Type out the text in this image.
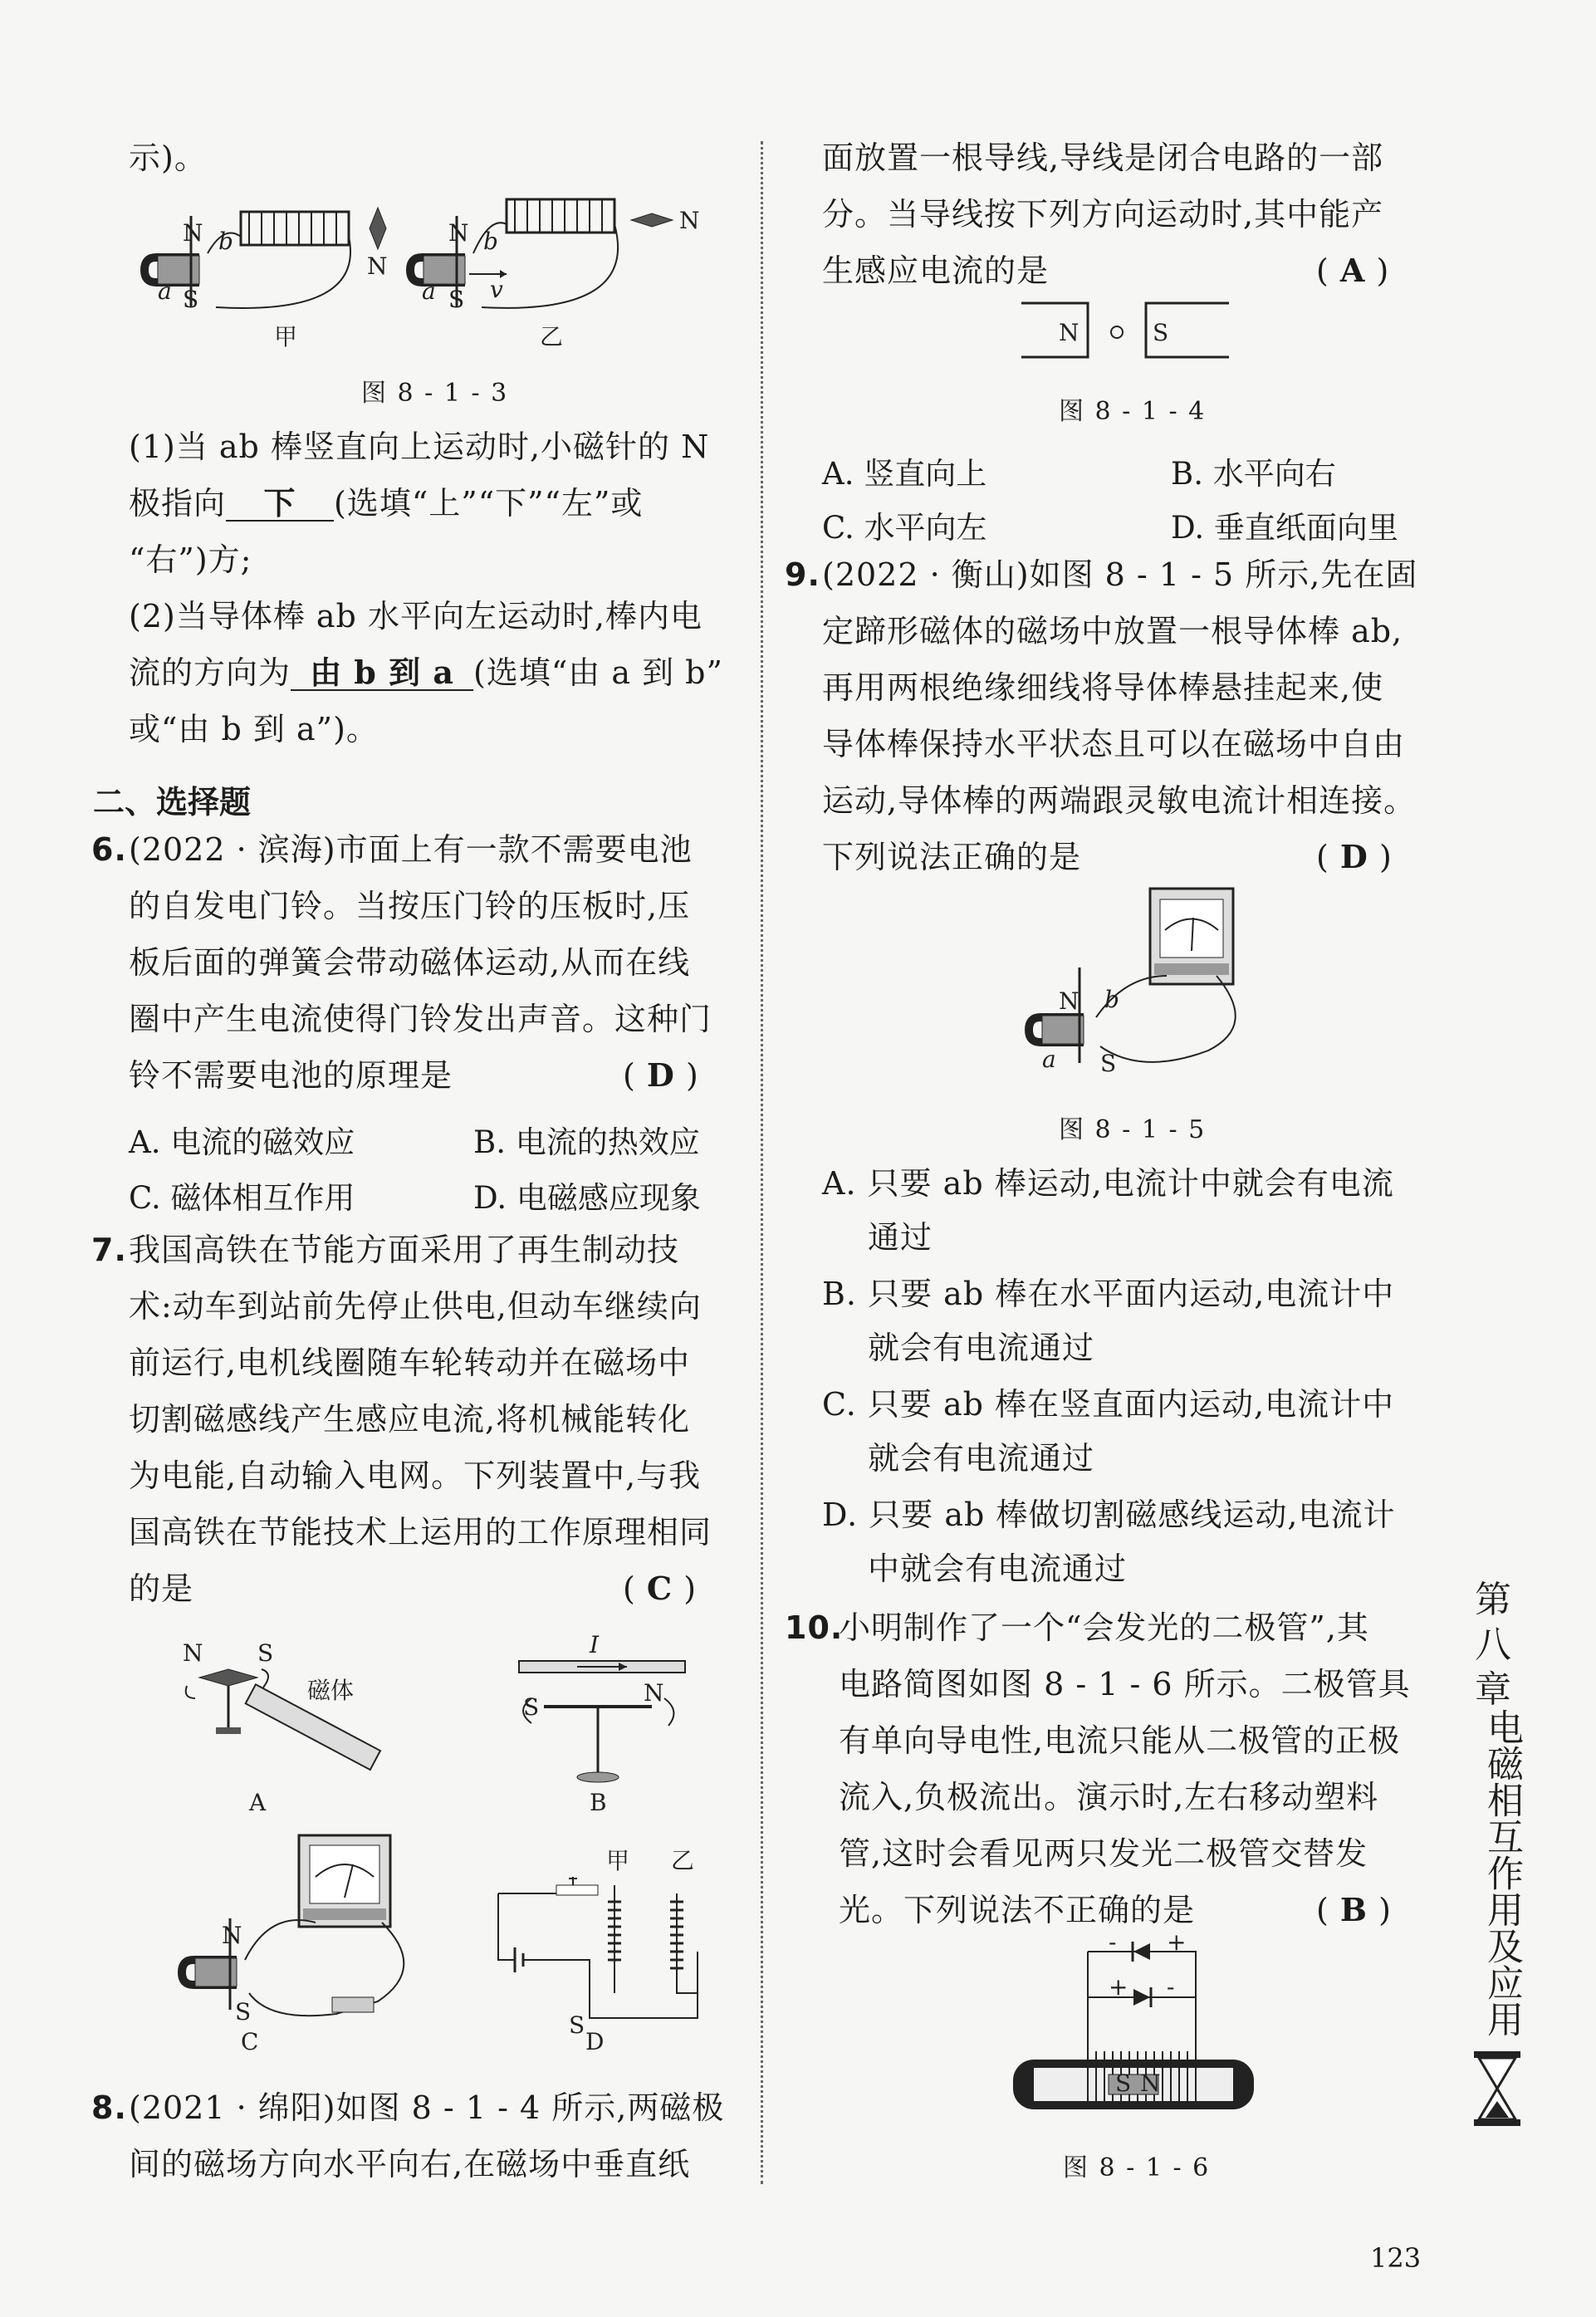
示)。
N b
a S
N
甲
N b
v
a S
N
乙
图 8 - 1 - 3
(1)当 ab 棒竖直向上运动时,小磁针的 N
极指向 下 (选填“上”“下”“左”或
“右”)方;
(2)当导体棒 ab 水平向左运动时,棒内电
流的方向为 由 b 到 a (选填“由 a 到 b”
或“由 b 到 a”)。
二、选择题
6. (2022 · 滨海)市面上有一款不需要电池
的自发电门铃。当按压门铃的压板时,压
板后面的弹簧会带动磁体运动,从而在线
圈中产生电流使得门铃发出声音。这种门
铃不需要电池的原理是	( D )
A. 电流的磁效应	B. 电流的热效应
C. 磁体相互作用	D. 电磁感应现象
7. 我国高铁在节能方面采用了再生制动技
术:动车到站前先停止供电,但动车继续向
前运行,电机线圈随车轮转动并在磁场中
切割磁感线产生感应电流,将机械能转化
为电能,自动输入电网。下列装置中,与我
国高铁在节能技术上运用的工作原理相同
的是	( C )
N S
磁体
A
I
S
N
B
N
S
C
甲 乙
S
D
8. (2021 · 绵阳)如图 8 - 1 - 4 所示,两磁极
间的磁场方向水平向右,在磁场中垂直纸
面放置一根导线,导线是闭合电路的一部
分。当导线按下列方向运动时,其中能产
生感应电流的是	( A )
N	S
图 8 - 1 - 4
A. 竖直向上	B. 水平向右
C. 水平向左	D. 垂直纸面向里
9. (2022 · 衡山)如图 8 - 1 - 5 所示,先在固
定蹄形磁体的磁场中放置一根导体棒 ab,
再用两根绝缘细线将导体棒悬挂起来,使
导体棒保持水平状态且可以在磁场中自由
运动,导体棒的两端跟灵敏电流计相连接。
下列说法正确的是	( D )
N b
a S
图 8 - 1 - 5
A. 只要 ab 棒运动,电流计中就会有电流
通过
B. 只要 ab 棒在水平面内运动,电流计中
就会有电流通过
C. 只要 ab 棒在竖直面内运动,电流计中
就会有电流通过
D. 只要 ab 棒做切割磁感线运动,电流计
中就会有电流通过
10.
小明制作了一个“会发光的二极管”,其
电路简图如图 8 - 1 - 6 所示。二极管具
有单向导电性,电流只能从二极管的正极
流入,负极流出。演示时,左右移动塑料
管,这时会看见两只发光二极管交替发
光。下列说法不正确的是	( B )
- +
+ -
S N
图 8 - 1 - 6
第八章
电磁相互作用及应用
123
